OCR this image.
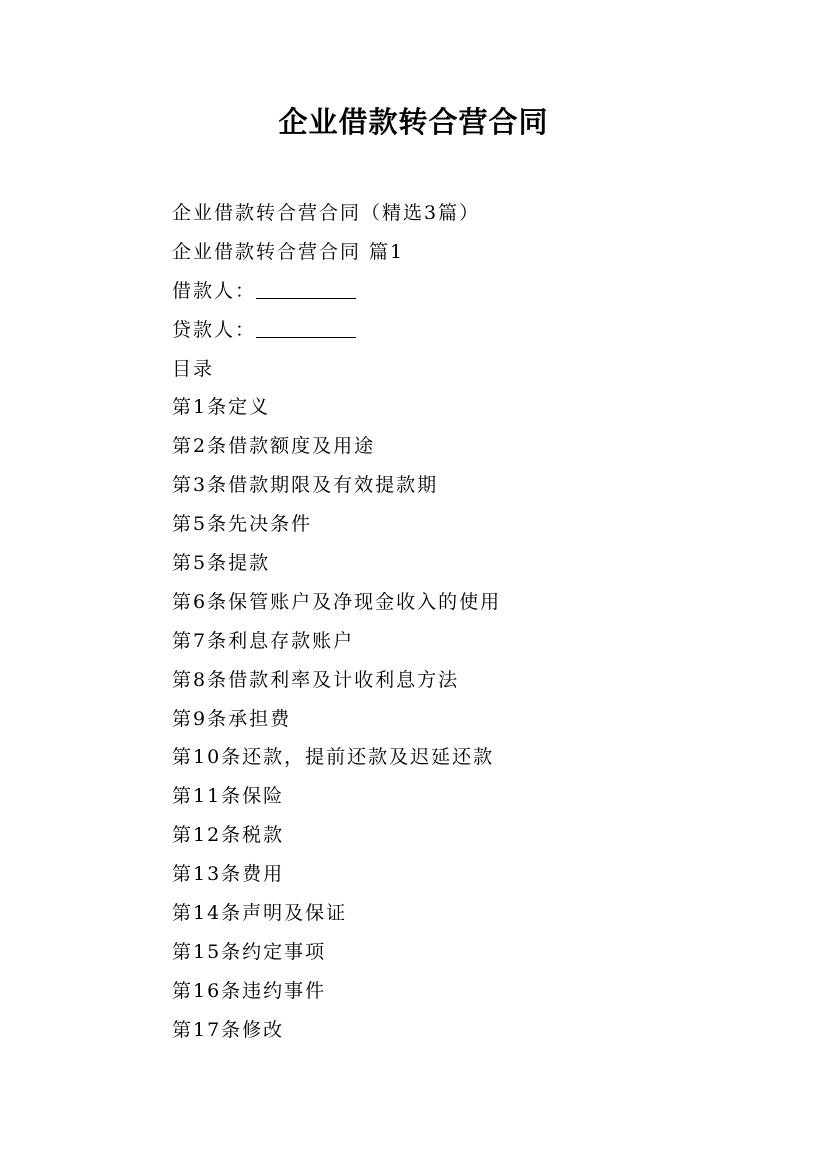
企业借款转合营合同
企业借款转合营合同（精选3篇）
企业借款转合营合同 篇1
借款人：
贷款人：
目录
第1条定义
第2条借款额度及用途
第3条借款期限及有效提款期
第5条先决条件
第5条提款
第6条保管账户及净现金收入的使用
第7条利息存款账户
第8条借款利率及计收利息方法
第9条承担费
第10条还款，提前还款及迟延还款
第11条保险
第12条税款
第13条费用
第14条声明及保证
第15条约定事项
第16条违约事件
第17条修改
